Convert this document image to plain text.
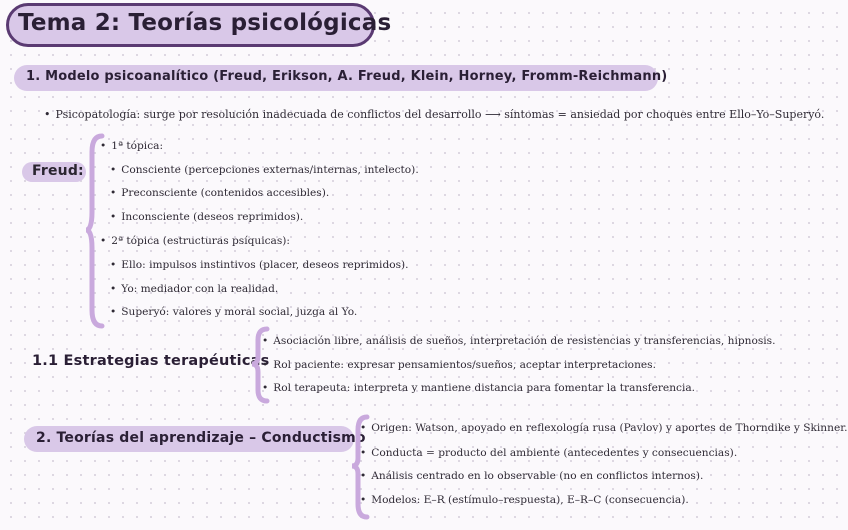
Tema 2: Teorías psicológicas
1. Modelo psicoanalítico (Freud, Erikson, A. Freud, Klein, Horney, Fromm-Reichmann)
• Psicopatología: surge por resolución inadecuada de conflictos del desarrollo ⟶ síntomas = ansiedad por choques entre Ello–Yo–Superyó.
Freud:
• 1ª tópica:
• Consciente (percepciones externas/internas, intelecto).
• Preconsciente (contenidos accesibles).
• Inconsciente (deseos reprimidos).
• 2ª tópica (estructuras psíquicas):
• Ello: impulsos instintivos (placer, deseos reprimidos).
• Yo: mediador con la realidad.
• Superyó: valores y moral social, juzga al Yo.
1.1 Estrategias terapéuticas
• Asociación libre, análisis de sueños, interpretación de resistencias y transferencias, hipnosis.
• Rol paciente: expresar pensamientos/sueños, aceptar interpretaciones.
• Rol terapeuta: interpreta y mantiene distancia para fomentar la transferencia.
2. Teorías del aprendizaje – Conductismo
• Origen: Watson, apoyado en reflexología rusa (Pavlov) y aportes de Thorndike y Skinner.
• Conducta = producto del ambiente (antecedentes y consecuencias).
• Análisis centrado en lo observable (no en conflictos internos).
• Modelos: E–R (estímulo–respuesta), E–R–C (consecuencia).
